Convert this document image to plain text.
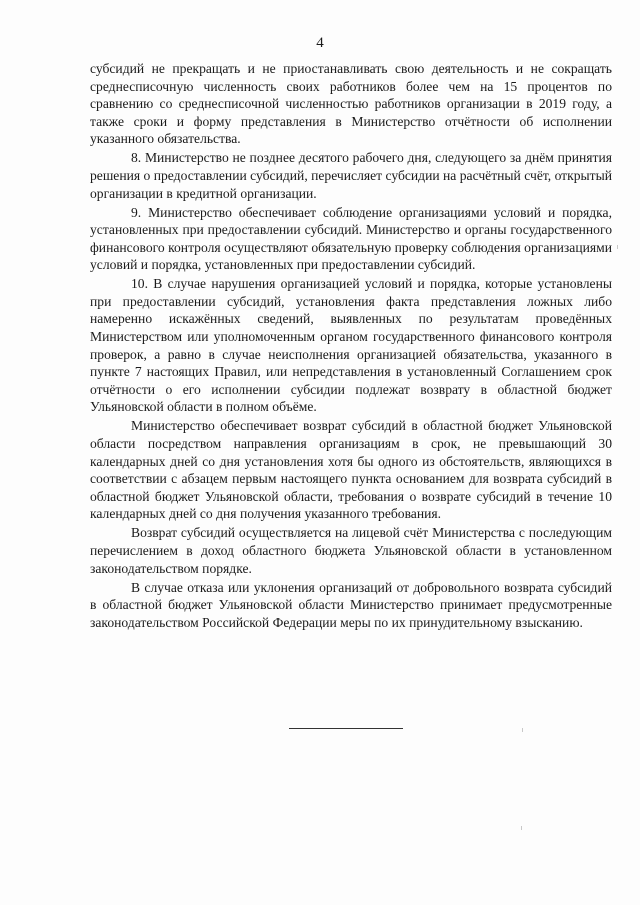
4

субсидий не прекращать и не приостанавливать свою деятельность и не сокращать среднесписочную численность своих работников более чем на 15 процентов по сравнению со среднесписочной численностью работников организации в 2019 году, а также сроки и форму представления в Министерство отчётности об исполнении указанного обязательства.

8. Министерство не позднее десятого рабочего дня, следующего за днём принятия решения о предоставлении субсидий, перечисляет субсидии на расчётный счёт, открытый организации в кредитной организации.

9. Министерство обеспечивает соблюдение организациями условий и порядка, установленных при предоставлении субсидий. Министерство и органы государственного финансового контроля осуществляют обязательную проверку соблюдения организациями условий и порядка, установленных при предоставлении субсидий.

10. В случае нарушения организацией условий и порядка, которые установлены при предоставлении субсидий, установления факта представления ложных либо намеренно искажённых сведений, выявленных по результатам проведённых Министерством или уполномоченным органом государственного финансового контроля проверок, а равно в случае неисполнения организацией обязательства, указанного в пункте 7 настоящих Правил, или непредставления в установленный Соглашением срок отчётности о его исполнении субсидии подлежат возврату в областной бюджет Ульяновской области в полном объёме.

Министерство обеспечивает возврат субсидий в областной бюджет Ульяновской области посредством направления организациям в срок, не превышающий 30 календарных дней со дня установления хотя бы одного из обстоятельств, являющихся в соответствии с абзацем первым настоящего пункта основанием для возврата субсидий в областной бюджет Ульяновской области, требования о возврате субсидий в течение 10 календарных дней со дня получения указанного требования.

Возврат субсидий осуществляется на лицевой счёт Министерства с последующим перечислением в доход областного бюджета Ульяновской области в установленном законодательством порядке.

В случае отказа или уклонения организаций от добровольного возврата субсидий в областной бюджет Ульяновской области Министерство принимает предусмотренные законодательством Российской Федерации меры по их принудительному взысканию.
